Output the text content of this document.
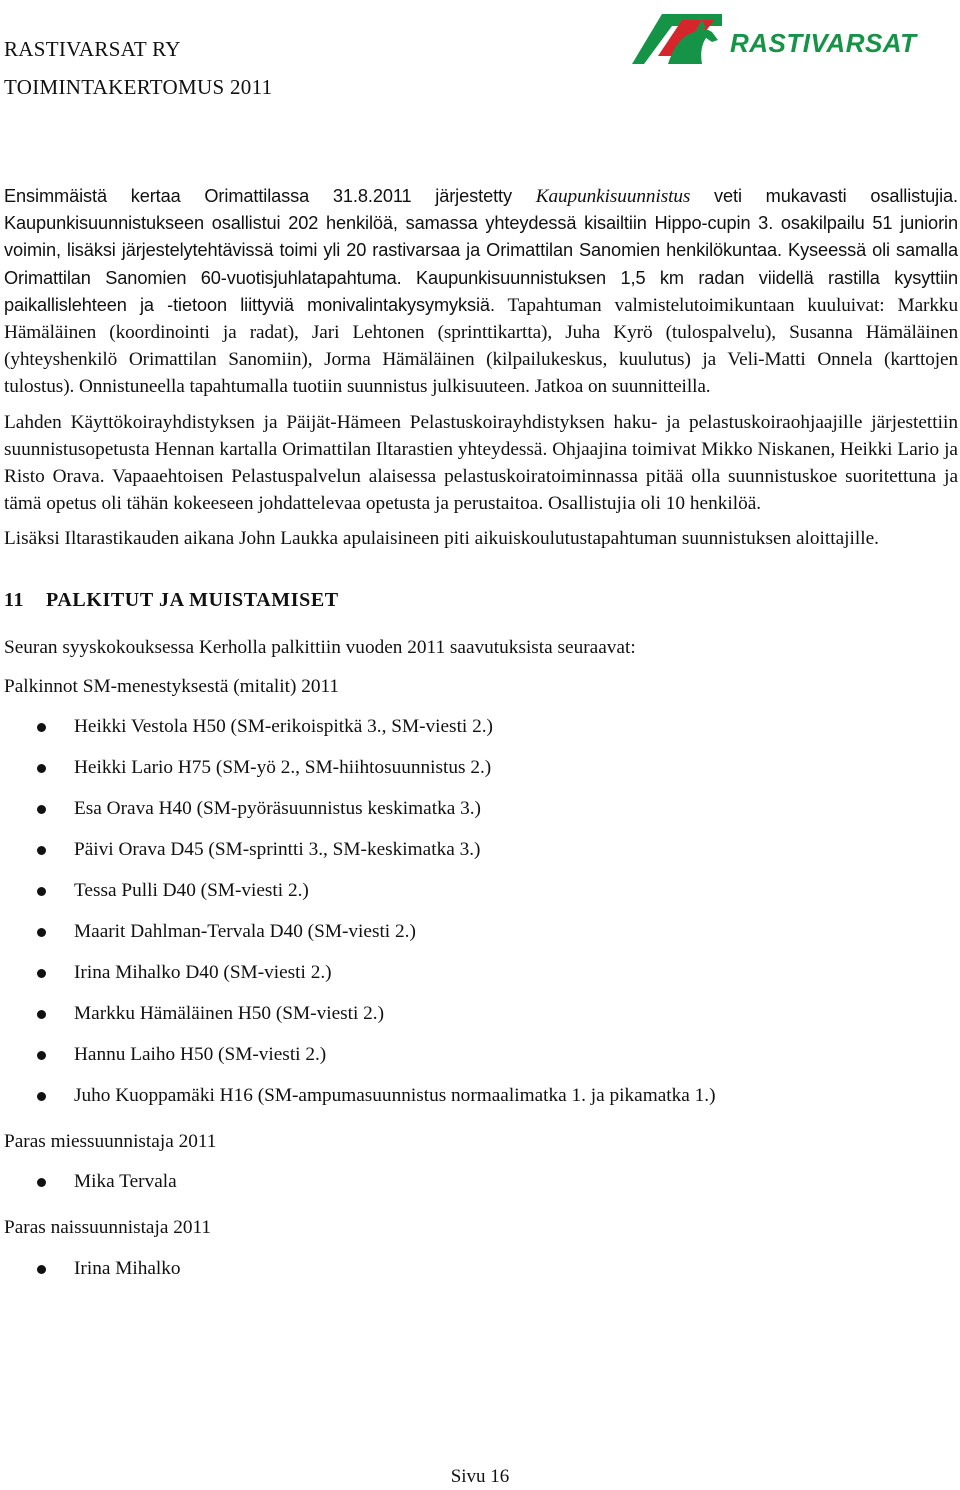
RASTIVARSAT RY
TOIMINTAKERTOMUS 2011
RASTIVARSAT

Ensimmäistä kertaa Orimattilassa 31.8.2011 järjestetty Kaupunkisuunnistus veti mukavasti osallistujia. Kaupunkisuunnistukseen osallistui 202 henkilöä, samassa yhteydessä kisailtiin Hippo-cupin 3. osakilpailu 51 juniorin voimin, lisäksi järjestelytehtävissä toimi yli 20 rastivarsaa ja Orimattilan Sanomien henkilökuntaa. Kyseessä oli samalla Orimattilan Sanomien 60-vuotisjuhlatapahtuma. Kaupunkisuunnistuksen 1,5 km radan viidellä rastilla kysyttiin paikallislehteen ja -tietoon liittyviä monivalintakysymyksiä. Tapahtuman valmistelutoimikuntaan kuuluivat: Markku Hämäläinen (koordinointi ja radat), Jari Lehtonen (sprinttikartta), Juha Kyrö (tulospalvelu), Susanna Hämäläinen (yhteyshenkilö Orimattilan Sanomiin), Jorma Hämäläinen (kilpailukeskus, kuulutus) ja Veli-Matti Onnela (karttojen tulostus). Onnistuneella tapahtumalla tuotiin suunnistus julkisuuteen. Jatkoa on suunnitteilla.

Lahden Käyttökoirayhdistyksen ja Päijät-Hämeen Pelastuskoirayhdistyksen haku- ja pelastuskoiraohjaajille järjestettiin suunnistusopetusta Hennan kartalla Orimattilan Iltarastien yhteydessä. Ohjaajina toimivat Mikko Niskanen, Heikki Lario ja Risto Orava. Vapaaehtoisen Pelastuspalvelun alaisessa pelastuskoiratoiminnassa pitää olla suunnistuskoe suoritettuna ja tämä opetus oli tähän kokeeseen johdattelevaa opetusta ja perustaitoa. Osallistujia oli 10 henkilöä.

Lisäksi Iltarastikauden aikana John Laukka apulaisineen piti aikuiskoulutustapahtuman suunnistuksen aloittajille.

11 PALKITUT JA MUISTAMISET
Seuran syyskokouksessa Kerholla palkittiin vuoden 2011 saavutuksista seuraavat:
Palkinnot SM-menestyksestä (mitalit) 2011
Heikki Vestola H50 (SM-erikoispitkä 3., SM-viesti 2.)
Heikki Lario H75 (SM-yö 2., SM-hiihtosuunnistus 2.)
Esa Orava H40 (SM-pyöräsuunnistus keskimatka 3.)
Päivi Orava D45 (SM-sprintti 3., SM-keskimatka 3.)
Tessa Pulli D40 (SM-viesti 2.)
Maarit Dahlman-Tervala D40 (SM-viesti 2.)
Irina Mihalko D40 (SM-viesti 2.)
Markku Hämäläinen H50 (SM-viesti 2.)
Hannu Laiho H50 (SM-viesti 2.)
Juho Kuoppamäki H16 (SM-ampumasuunnistus normaalimatka 1. ja pikamatka 1.)
Paras miessuunnistaja 2011
Mika Tervala
Paras naissuunnistaja 2011
Irina Mihalko
Sivu 16
